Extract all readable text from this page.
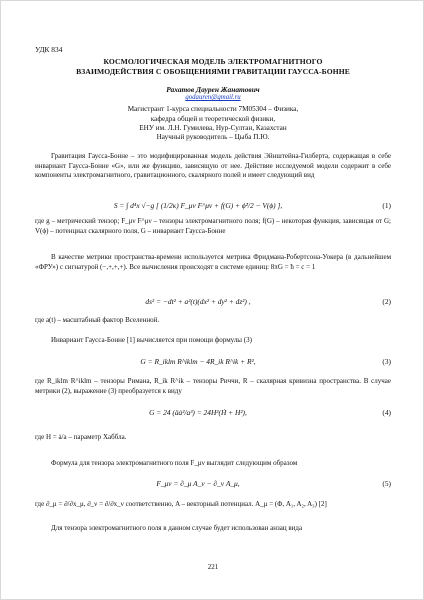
УДК 834
КОСМОЛОГИЧЕСКАЯ МОДЕЛЬ ЭЛЕКТРОМАГНИТНОГО
ВЗАИМОДЕЙСТВИЯ С ОБОБЩЕНИЯМИ ГРАВИТАЦИИ ГАУССА-БОННЕ
Рахатов Даурен Жанатович
godauren@gmail.ru
Магистрант 1-курса специальности 7M05304 – Физика,
кафедра общей и теоретической физики,
ЕНУ им. Л.Н. Гумилева, Нур-Султан, Казахстан
Научный руководитель – Цыба П.Ю.
Гравитация Гаусса-Бонне – это модифицированная модель действия Эйнштейна-Гилберта, содержащая в себе инвариант Гаусса-Бонне «G», или же функцию, зависящую от нее. Действие исследуемой модели содержит в себе компоненты электромагнитного, гравитационного, скалярного полей и имеет следующий вид
S = ∫ d⁴x √−g [ (1/2κ) F_μν F^μν + f(G) + ϕ̇²/2 − V(ϕ) ],	(1)
где g – метрический тензор; F_μν F^μν – тензоры электромагнитного поля; f(G) – некоторая функция, зависящая от G; V(ϕ) – потенциал скалярного поля, G – инвариант Гаусса-Бонне
В качестве метрики пространства-времени используется метрика Фридмана-Робертсона-Уокера (в дальнейшем «ФРУ») с сигнатурой (−,+,+,+). Все вычисления происходят в системе единиц: 8πG = ħ = c = 1
ds² = −dt² + a²(t)(dx² + dy² + dz²) ,	(2)
где a(t) – масштабный фактор Вселенной.
Инвариант Гаусса-Бонне [1] вычисляется при помощи формулы (3)
G = R_iklm R^iklm − 4R_ik R^ik + R²,	(3)
где R_iklm R^iklm – тензоры Римана, R_ik R^ik – тензоры Риччи, R – скалярная кривизна пространства. В случае метрики (2), выражение (3) преобразуется к виду
G = 24 (äȧ²/a³) = 24H²(Ḣ + H²),	(4)
где H = ȧ/a – параметр Хаббла.
Формула для тензора электромагнитного поля F_μν выглядит следующим образом
F_μν = ∂_μ A_ν − ∂_ν A_μ,	(5)
где ∂_μ = ∂/∂x_μ, ∂_ν = ∂/∂x_ν соответственно, A – векторный потенциал. A_μ = (Φ, A₁, A₂, A₃) [2]
Для тензора электромагнитного поля в данном случае будет использован анзац вида
221
